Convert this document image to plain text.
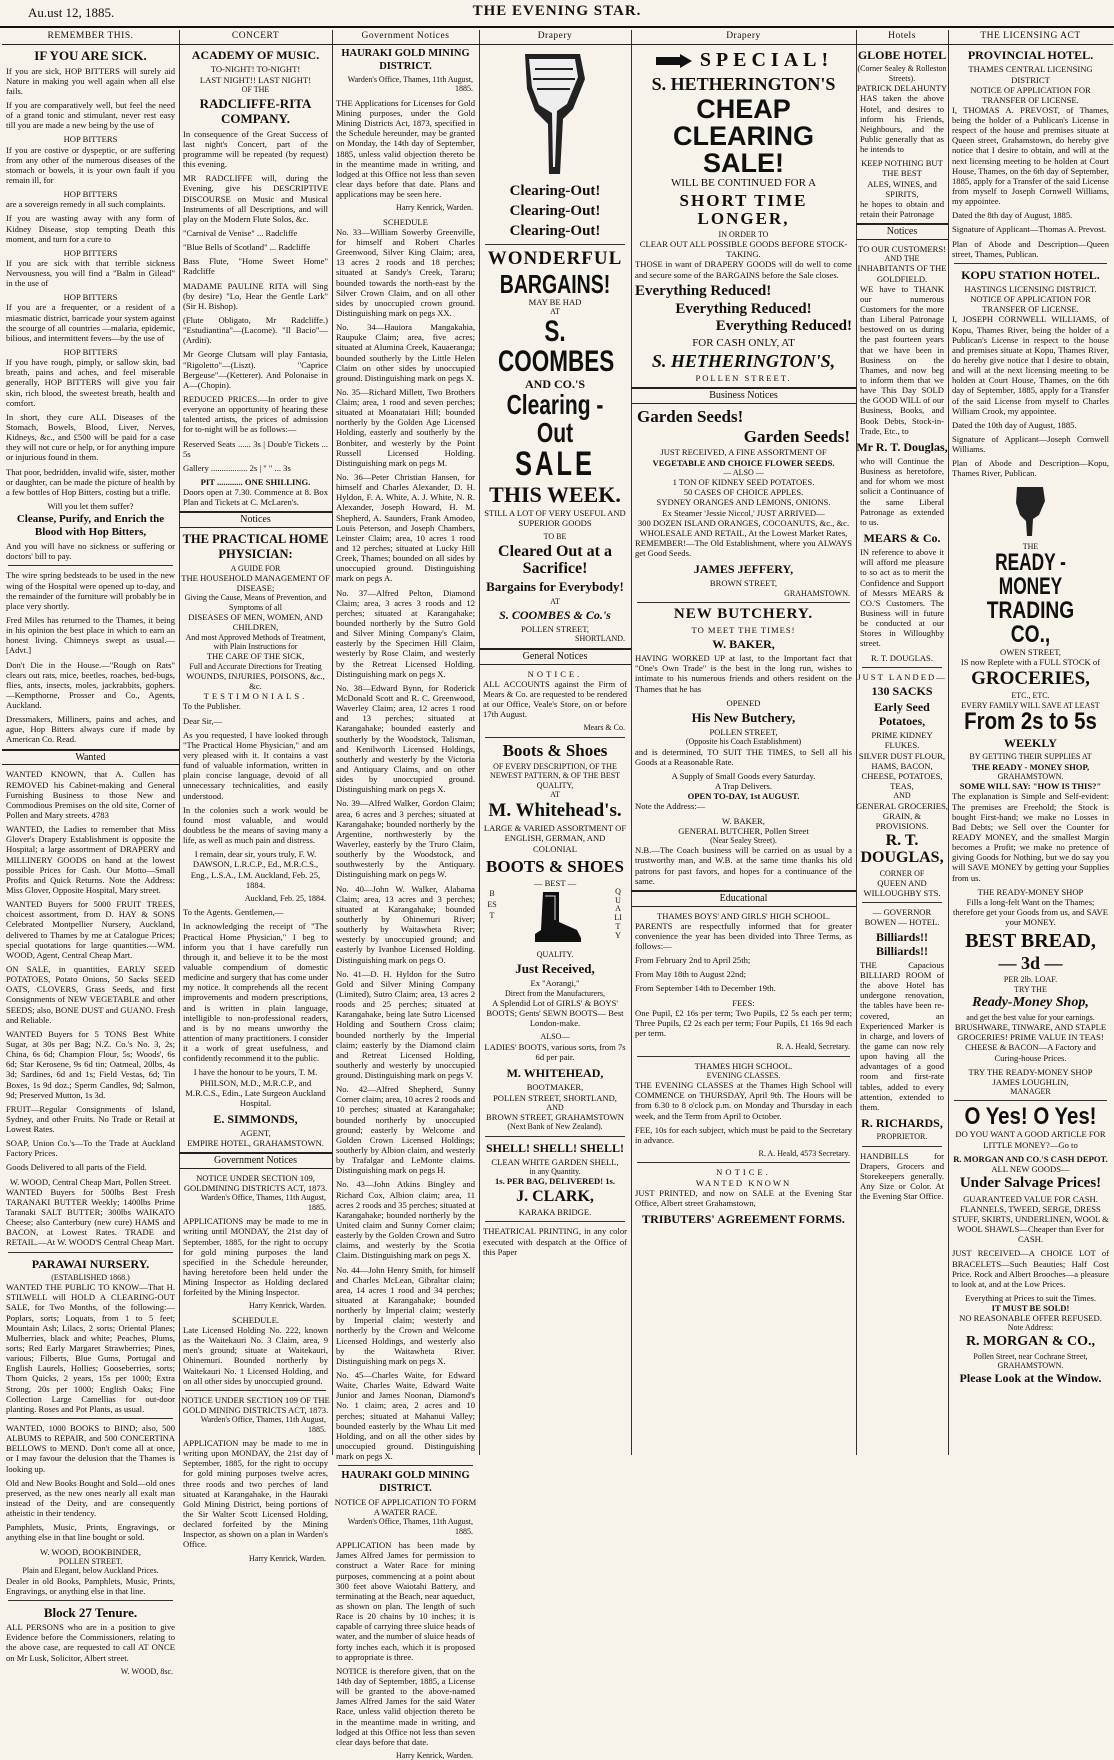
Au.ust 12, 1885.	THE EVENING STAR.
REMEMBER THIS.
IF YOU ARE SICK.

If you are sick, HOP BITTERS will surely aid Nature in making you well again when all else fails.

If you are comparatively well, but feel the need of a grand tonic and stimulant, never rest easy till you are made a new being by the use of

HOP BITTERS

If you are costive or dyspeptic, or are suffering from any other of the numerous diseases of the stomach or bowels, it is your own fault if you remain ill, for

HOP BITTERS

are a sovereign remedy in all such complaints.

If you are wasting away with any form of Kidney Disease, stop tempting Death this moment, and turn for a cure to

HOP BITTERS

If you are sick with that terrible sickness Nervousness, you will find a "Balm in Gilead" in the use of

HOP BITTERS

If you are a frequenter, or a resident of a miasmatic district, barricade your system against the scourge of all countries —malaria, epidemic, bilious, and intermittent fevers—by the use of

HOP BITTERS

If you have rough, pimply, or sallow skin, bad breath, pains and aches, and feel miserable generally, HOP BITTERS will give you fair skin, rich blood, the sweetest breath, health and comfort.

In short, they cure ALL Diseases of the Stomach, Bowels, Blood, Liver, Nerves, Kidneys, &c., and £500 will be paid for a case they will not cure or help, or for anything impure or injurious found in them.

That poor, bedridden, invalid wife, sister, mother or daughter, can be made the picture of health by a few bottles of Hop Bitters, costing but a trifle.

Will you let them suffer?
Cleanse, Purify, and Enrich the Blood with Hop Bitters,

And you will have no sickness or suffering or doctors' bill to pay.

The wire spring bedsteads to be used in the new wing of the Hospital were opened up to-day, and the remainder of the furniture will probably be in place very shortly.

Fred Miles has returned to the Thames, it being in his opinion the best place in which to earn an honest living. Chimneys swept as usual.—[Advt.]

Don't Die in the House.—"Rough on Rats" clears out rats, mice, beetles, roaches, bed-bugs, flies, ants, insects, moles, jackrabbits, gophers.—Kempthorne, Prosser and Co., Agents, Auckland.

Dressmakers, Milliners, pains and aches, and ague, Hop Bitters always cure if made by American Co. Read.

Wanted

WANTED KNOWN, that A. Cullen has REMOVED his Cabinet-making and General Furnishing Business to those New and Commodious Premises on the old site, Corner of Pollen and Mary streets. 4783

WANTED, the Ladies to remember that Miss Glover's Drapery Establishment is opposite the Hospital; a large assortment of DRAPERY and MILLINERY GOODS on hand at the lowest possible Prices for Cash. Our Motto—Small Profits and Quick Returns. Note the Address: Miss Glover, Opposite Hospital, Mary street.

WANTED Buyers for 5000 FRUIT TREES, choicest assortment, from D. HAY & SONS Celebrated Montpellier Nursery, Auckland, delivered to Thames by me at Catalogue Prices; special quotations for large quantities.—WM. WOOD, Agent, Central Cheap Mart.

ON SALE, in quantities, EARLY SEED POTATOES, Potato Onions, 50 Sacks SEED OATS, CLOVERS, Grass Seeds, and first Consignments of NEW VEGETABLE and other SEEDS; also, BONE DUST and GUANO. Fresh and Reliable.

WANTED Buyers for 5 TONS Best White Sugar, at 30s per Bag; N.Z. Co.'s No. 3, 2s; China, 6s 6d; Champion Flour, 5s; Woods', 6s 6d; Star Kerosene, 9s 6d tin; Oatmeal, 20lbs, 4s 3d; Sardines, 6d and 1s; Field Vestas, 6d; Tin Boxes, 1s 9d doz.; Sperm Candles, 9d; Salmon, 9d; Preserved Mutton, 1s 3d.

FRUIT—Regular Consignments of Island, Sydney, and other Fruits. No Trade or Retail at Lowest Rates.

SOAP, Union Co.'s—To the Trade at Auckland Factory Prices.

Goods Delivered to all parts of the Field.

W. WOOD, Central Cheap Mart, Pollen Street.

WANTED Buyers for 500lbs Best Fresh TARANAKI BUTTER Weekly; 1400lbs Prime Taranaki SALT BUTTER; 300lbs WAIKATO Cheese; also Canterbury (new cure) HAMS and BACON, at Lowest Rates. TRADE and RETAIL.—At W. WOOD'S Central Cheap Mart.

PARAWAI NURSERY.
(ESTABLISHED 1868.)

WANTED THE PUBLIC TO KNOW—That H. STILWELL will HOLD A CLEARING-OUT SALE, for Two Months, of the following:—Poplars, sorts; Loquats, from 1 to 5 feet; Mountain Ash; Lilacs, 2 sorts; Oriental Planes; Mulberries, black and white; Peaches, Plums, sorts; Red Early Margaret Strawberries; Pines, various; Filberts, Blue Gums, Portugal and English Laurels, Hollies; Gooseberries, sorts; Thorn Quicks, 2 years, 15s per 1000; Extra Strong, 20s per 1000; English Oaks; Fine Collection Large Camellias for out-door planting. Roses and Pot Plants, as usual.

WANTED, 1000 BOOKS to BIND; also, 500 ALBUMS to REPAIR, and 500 CONCERTINA BELLOWS to MEND. Don't come all at once, or I may favour the delusion that the Thames is looking up.

Old and New Books Bought and Sold—old ones preserved, as the new ones nearly all exalt man instead of the Deity, and are consequently atheistic in their tendency.

Pamphlets, Music, Prints, Engravings, or anything else in that line bought or sold.

W. WOOD, BOOKBINDER,
POLLEN STREET.
Plain and Elegant, below Auckland Prices.

Dealer in old Books, Pamphlets, Music, Prints, Engravings, or anything else in that line.

Block 27 Tenure.

ALL PERSONS who are in a position to give Evidence before the Commissioners, relating to the above case, are requested to call AT ONCE on Mr Lusk, Solicitor, Albert street.

W. WOOD, 8sc.
CONCERT
ACADEMY OF MUSIC.
TO-NIGHT! TO-NIGHT!
LAST NIGHT!! LAST NIGHT!
OF THE
RADCLIFFE-RITA COMPANY.

In consequence of the Great Success of last night's Concert, part of the programme will be repeated (by request) this evening.

MR RADCLIFFE will, during the Evening, give his DESCRIPTIVE DISCOURSE on Music and Musical Instruments of all Descriptions, and will play on the Modern Flute Solos, &c.

"Carnival de Venise" ... Radcliffe
"Blue Bells of Scotland" ... Radcliffe
Bass Flute, "Home Sweet Home" Radcliffe

MADAME PAULINE RITA will Sing (by desire) "Lo, Hear the Gentle Lark" (Sir H. Bishop).

(Flute Obligato, Mr Radcliffe.) "Estudiantina"—(Lacome). "Il Bacio"—(Arditi).

Mr George Clutsam will play Fantasia, "Rigoletto"—(Liszt). "Caprice Bergeuse"—(Ketterer). And Polonaise in A—(Chopin).

REDUCED PRICES.—In order to give everyone an opportunity of hearing these talented artists, the prices of admission for to-night will be as follows:—

Reserved Seats ...... 3s | Doub'e Tickets ... 5s
Gallery ................. 2s | " " ... 3s
PIT ............ ONE SHILLING.

Doors open at 7.30. Commence at 8. Box Plan and Tickets at C. McLaren's.

Notices
THE PRACTICAL HOME PHYSICIAN:
A GUIDE FOR
THE HOUSEHOLD MANAGEMENT OF DISEASE;
Giving the Cause, Means of Prevention, and Symptoms of all
DISEASES OF MEN, WOMEN, AND CHILDREN,
And most Approved Methods of Treatment, with Plain Instructions for
THE CARE OF THE SICK,
Full and Accurate Directions for Treating
WOUNDS, INJURIES, POISONS, &c., &c.
TESTIMONIALS.
To the Publisher.
Dear Sir,—

As you requested, I have looked through "The Practical Home Physician," and am very pleased with it. It contains a vast fund of valuable information, written in plain concise language, devoid of all unnecessary technicalities, and easily understood.

In the colonies such a work would be found most valuable, and would doubtless be the means of saving many a life, as well as much pain and distress.

I remain, dear sir, yours truly, F. W. DAWSON, L.R.C.P., Ed., M.R.C.S., Eng., L.S.A., I.M. Auckland, Feb. 25, 1884.

Auckland, Feb. 25, 1884.
To the Agents. Gentlemen,—

In acknowledging the receipt of "The Practical Home Physician," I beg to inform you that I have carefully run through it, and believe it to be the most valuable compendium of domestic medicine and surgery that has come under my notice. It comprehends all the recent improvements and modern prescriptions, and is written in plain language, intelligible to non-professional readers, and is by no means unworthy the attention of many practitioners. I consider it a work of great usefulness, and confidently recommend it to the public.

I have the honour to be yours, T. M. PHILSON, M.D., M.R.C.P., and M.R.C.S., Edin., Late Surgeon Auckland Hospital.

E. SIMMONDS,
AGENT,
EMPIRE HOTEL, GRAHAMSTOWN.
Government Notices
NOTICE UNDER SECTION 109, GOLDMINING DISTRICTS ACT, 1873.
Warden's Office, Thames, 11th August, 1885.

APPLICATIONS may be made to me in writing until MONDAY, the 21st day of September, 1885, for the right to occupy for gold mining purposes the land specified in the Schedule hereunder, having heretofore been held under the Mining Inspector as Holding declared forfeited by the Mining Inspector.

Harry Kenrick, Warden.
SCHEDULE.

Late Licensed Holding No. 222, known as the Waitekauri No. 3 Claim, area, 9 men's ground; situate at Waitekauri, Ohinemuri. Bounded northerly by Waitekauri No. 1 Licensed Holding, and on all other sides by unoccupied ground.

NOTICE UNDER SECTION 109 OF THE GOLD MINING DISTRICTS ACT, 1873.
Warden's Office, Thames, 11th August, 1885.

APPLICATION may be made to me in writing upon MONDAY, the 21st day of September, 1885, for the right to occupy for gold mining purposes twelve acres, three roods and two perches of land situated at Karangahake, in the Hauraki Gold Mining District, being portions of the Sir Walter Scott Licensed Holding, declared forfeited by the Mining Inspector, as shown on a plan in Warden's Office.

Harry Kenrick, Warden.
Government Notices
HAURAKI GOLD MINING DISTRICT.
Warden's Office, Thames, 11th August, 1885.

THE Applications for Licenses for Gold Mining purposes, under the Gold Mining Districts Act, 1873, specified in the Schedule hereunder, may be granted on Monday, the 14th day of September, 1885, unless valid objection thereto be in the meantime made in writing, and lodged at this Office not less than seven clear days before that date. Plans and applications may be seen here.

Harry Kenrick, Warden.
SCHEDULE

No. 33—William Sowerby Greenville, for himself and Robert Charles Greenwood, Silver King Claim; area, 13 acres 2 roods and 18 perches; situated at Sandy's Creek, Tararu; bounded towards the north-east by the Silver Crown Claim, and on all other sides by unoccupied crown ground. Distinguishing mark on pegs XX.

No. 34—Hauiora Mangakahia, Raupuke Claim; area, five acres; situated at Alumina Creek, Kauaeranga; bounded southerly by the Little Helen Claim on other sides by unoccupied ground. Distinguishing mark on pegs X.

No. 35—Richard Millett, Two Brothers Claim; area, 1 rood and seven perches; situated at Moanataiari Hill; bounded northerly by the Golden Age Licensed Holding, easterly and southerly by the Bonbiter, and westerly by the Point Russell Licensed Holding. Distinguishing mark on pegs M.

No. 36—Peter Christian Hansen, for himself and Charles Alexander, D. H. Hyldon, F. A. White, A. J. White, N. R. Alexander, Joseph Howard, H. M. Shepherd, A. Saunders, Frank Amodeo, Louis Peterson, and Joseph Chambers, Leinster Claim; area, 10 acres 1 rood and 12 perches; situated at Lucky Hill Creek, Thames; bounded on all sides by unoccupied ground. Distinguishing mark on pegs A.

No. 37—Alfred Pelton, Diamond Claim; area, 3 acres 3 roods and 12 perches; situated at Karangahake; bounded northerly by the Sutro Gold and Silver Mining Company's Claim, easterly by the Specimen Hill Claim, westerly by Rose Claim, and westerly by the Retreat Licensed Holding. Distinguishing mark on pegs X.

No. 38—Edward Bynn, for Roderick McDonald Scott and R. C. Greenwood, Waverley Claim; area, 12 acres 1 rood and 13 perches; situated at Karangahake; bounded easterly and southerly by the Woodstock, Talisman, and Kenilworth Licensed Holdings, southerly and westerly by the Victoria and Antiquary Claims, and on other sides by unoccupied ground. Distinguishing mark on pegs X.

No. 39—Alfred Walker, Gordon Claim; area, 6 acres and 3 perches; situated at Karangahake; bounded northerly by the Argentine, northwesterly by the Waverley, easterly by the Truro Claim, southerly by the Woodstock, and southwesterly by the Antiquary. Distinguishing mark on pegs W.

No. 40—John W. Walker, Alabama Claim; area, 13 acres and 3 perches; situated at Karangahake; bounded southerly by Ohinemuri River; southerly by Waitawheta River; westerly by unoccupied ground; and easterly by Ivanhoe Licensed Holding. Distinguishing mark on pegs O.

No. 41—D. H. Hyldon for the Sutro Gold and Silver Mining Company (Limited), Sutro Claim; area, 13 acres 2 roods and 25 perches; situated at Karangahake, being late Sutro Licensed Holding and Southern Cross claim; bounded northerly by the Imperial claim; easterly by the Diamond claim and Retreat Licensed Holding, southerly and westerly by unoccupied ground. Distinguishing mark on pegs V.

No. 42—Alfred Shepherd, Sunny Corner claim; area, 10 acres 2 roods and 10 perches; situated at Karangahake; bounded northerly by unoccupied ground; easterly by Welcome and Golden Crown Licensed Holdings; southerly by Albion claim, and westerly by Trafalgar and LeMonte claims. Distinguishing mark on pegs H.

No. 43—John Atkins Bingley and Richard Cox, Albion claim; area, 11 acres 2 roods and 35 perches; situated at Karangahake; bounded northerly by the United claim and Sunny Corner claim; easterly by the Golden Crown and Sutro claims, and westerly by the Scotia Claim. Distinguishing mark on pegs X.

No. 44—John Henry Smith, for himself and Charles McLean, Gibraltar claim; area, 14 acres 1 rood and 34 perches; situated at Karangahake; bounded northerly by Imperial claim; westerly by Imperial claim; westerly and northerly by the Crown and Welcome Licensed Holdings, and westerly also by the Waitawheta River. Distinguishing mark on pegs X.

No. 45—Charles Waite, for Edward Waite, Charles Waite, Edward Waite Junior and James Noonan, Diamond's No. 1 claim; area, 2 acres and 10 perches; situated at Mahanui Valley; bounded easterly by the Whau Lit med Holding, and on all the other sides by unoccupied ground. Distinguishing mark on pegs X.

HAURAKI GOLD MINING DISTRICT.
NOTICE OF APPLICATION TO FORM A WATER RACE.
Warden's Office, Thames, 11th August, 1885.

APPLICATION has been made by James Alfred James for permission to construct a Water Race for mining purposes, commencing at a point about 300 feet above Waiotahi Battery, and terminating at the Beach, near aqueduct, as shown on plan. The length of such Race is 20 chains by 10 inches; it is capable of carrying three sluice heads of water, and the number of sluice heads of forty inches each, which it is proposed to appropriate is three.

NOTICE is therefore given, that on the 14th day of September, 1885, a License will be granted to the above-named James Alfred James for the said Water Race, unless valid objection thereto be in the meantime made in writing, and lodged at this Office not less than seven clear days before that date.

Harry Kenrick, Warden.
Drapery
Clearing-Out!
Clearing-Out!
Clearing-Out!
WONDERFUL
BARGAINS!
MAY BE HAD
AT
S. COOMBES
AND CO.'S
Clearing - Out
SALE
THIS WEEK.

STILL A LOT OF VERY USEFUL AND SUPERIOR GOODS

TO BE
Cleared Out at a Sacrifice!
Bargains for Everybody!
AT
S. COOMBES & Co.'s
POLLEN STREET,
SHORTLAND.
General Notices
NOTICE.

ALL ACCOUNTS against the Firm of Mears & Co. are requested to be rendered at our Office, Veale's Store, on or before 17th August.

Mears & Co.
Boots & Shoes
OF EVERY DESCRIPTION, OF THE NEWEST PATTERN, & OF THE BEST QUALITY,
AT
M. Whitehead's.

LARGE & VARIED ASSORTMENT OF ENGLISH, GERMAN, AND COLONIAL

BOOTS & SHOES
— BEST —
BEST
QUALITY
QUALITY.
Just Received,
Ex "Aorangi,"
Direct from the Manufacturers,

A Splendid Lot of GIRLS' & BOYS' BOOTS; Gents' SEWN BOOTS— Best London-make.

ALSO—

LADIES' BOOTS, various sorts, from 7s 6d per pair.

M. WHITEHEAD,
BOOTMAKER,
POLLEN STREET, SHORTLAND,
AND
BROWN STREET, GRAHAMSTOWN
(Next Bank of New Zealand).
SHELL! SHELL! SHELL!
CLEAN WHITE GARDEN SHELL,
in any Quantity.
1s. PER BAG, DELIVERED! 1s.
J. CLARK,
KARAKA BRIDGE.

THEATRICAL PRINTING, in any color executed with despatch at the Office of this Paper

Drapery
SPECIAL!
S. HETHERINGTON'S
CHEAP CLEARING SALE!
WILL BE CONTINUED FOR A
SHORT TIME LONGER,
IN ORDER TO
CLEAR OUT ALL POSSIBLE GOODS BEFORE STOCK-TAKING.

THOSE in want of DRAPERY GOODS will do well to come and secure some of the BARGAINS before the Sale closes.

Everything Reduced!
Everything Reduced!
Everything Reduced!
FOR CASH ONLY, AT
S. HETHERINGTON'S,
POLLEN STREET.
Business Notices
Garden Seeds!
Garden Seeds!
JUST RECEIVED, A FINE ASSORTMENT OF
VEGETABLE AND CHOICE FLOWER SEEDS.
— ALSO —
1 TON OF KIDNEY SEED POTATOES.
50 CASES OF CHOICE APPLES.
SYDNEY ORANGES AND LEMONS, ONIONS.
Ex Steamer 'Jessie Niccol,' JUST ARRIVED—
300 DOZEN ISLAND ORANGES, COCOANUTS, &c., &c.
WHOLESALE AND RETAIL, At the Lowest Market Rates,

REMEMBER!—The Old Establishment, where you ALWAYS get Good Seeds.

JAMES JEFFERY,
BROWN STREET,
GRAHAMSTOWN.
NEW BUTCHERY.
TO MEET THE TIMES!
W. BAKER,

HAVING WORKED UP at last, to the Important fact that "One's Own Trade" is the best in the long run, wishes to intimate to his numerous friends and others resident on the Thames that he has

OPENED
His New Butchery,
POLLEN STREET,
(Opposite his Coach Establishment)

and is determined, TO SUIT THE TIMES, to Sell all his Goods at a Reasonable Rate.

A Supply of Small Goods every Saturday.
A Trap Delivers.
OPEN TO-DAY, 1st AUGUST.
Note the Address:—
W. BAKER,
GENERAL BUTCHER, Pollen Street
(Near Sealey Street).

N.B.—The Coach business will be carried on as usual by a trustworthy man, and W.B. at the same time thanks his old patrons for past favors, and hopes for a continuance of the same.

Educational
THAMES BOYS' AND GIRLS' HIGH SCHOOL.

PARENTS are respectfully informed that for greater convenience the year has been divided into Three Terms, as follows:—

From February 2nd to April 25th;
From May 18th to August 22nd;
From September 14th to December 19th.
FEES:

One Pupil, £2 16s per term; Two Pupils, £2 5s each per term; Three Pupils, £2 2s each per term; Four Pupils, £1 16s 9d each per term.

R. A. Heald, Secretary.
THAMES HIGH SCHOOL.
EVENING CLASSES.

THE EVENING CLASSES at the Thames High School will COMMENCE on THURSDAY, April 9th. The Hours will be from 6.30 to 8 o'clock p.m. on Monday and Thursday in each week, and the Term from April to October.

FEE, 10s for each subject, which must be paid to the Secretary in advance.

R. A. Heald, 4573 Secretary.
NOTICE.
WANTED KNOWN

JUST PRINTED, and now on SALE at the Evening Star Office, Albert street Grahamstown,

TRIBUTERS' AGREEMENT FORMS.
Hotels
GLOBE HOTEL
(Corner Sealey & Rolleston Streets).
PATRICK DELAHUNTY

HAS taken the above Hotel, and desires to inform his Friends, Neighbours, and the Public generally that as he intends to

KEEP NOTHING BUT THE BEST
ALES, WINES, and SPIRITS,

he hopes to obtain and retain their Patronage

Notices
TO OUR CUSTOMERS!
AND THE
INHABITANTS OF THE GOLDFIELD.

WE have to THANK our numerous Customers for the more than Liberal Patronage bestowed on us during the past fourteen years that we have been in Business on the Thames, and now beg to inform them that we have This Day SOLD the GOOD WILL of our Business, Books, and Book Debts, Stock-in-Trade, Etc., to

Mr R. T. Douglas,

who will Continue the Business as heretofore, and for whom we most solicit a Continuance of the same Liberal Patronage as extended to us.

MEARS & Co.

IN reference to above it will afford me pleasure to so act as to merit the Confidence and Support of Messrs MEARS & CO.'S Customers. The Business will in future be conducted at our Stores in Willoughby street.

R. T. DOUGLAS.
JUST LANDED—
130 SACKS
Early Seed Potatoes,
PRIME KIDNEY FLUKES.
SILVER DUST FLOUR, HAMS, BACON, CHEESE, POTATOES, TEAS,
AND
GENERAL GROCERIES, GRAIN, & PROVISIONS.
R. T. DOUGLAS,
CORNER OF
QUEEN AND WILLOUGHBY STS.
— GOVERNOR BOWEN — HOTEL.
Billiards!! Billiards!!

THE Capacious BILLIARD ROOM of the above Hotel has undergone renovation, the tables have been re-covered, an Experienced Marker is in charge, and lovers of the game can now rely upon having all the advantages of a good room and first-rate tables, added to every attention, extended to them.

R. RICHARDS,
PROPRIETOR.

HANDBILLS for Drapers, Grocers and Storekeepers generally. Any Size or Color. At the Evening Star Office.

THE LICENSING ACT
PROVINCIAL HOTEL.
THAMES CENTRAL LICENSING DISTRICT
NOTICE OF APPLICATION FOR TRANSFER OF LICENSE.

I, THOMAS A. PREVOST, of Thames, being the holder of a Publican's License in respect of the house and premises situate at Queen street, Grahamstown, do hereby give notice that I desire to obtain, and will at the next licensing meeting to be holden at Court House, Thames, on the 6th day of September, 1885, apply for a Transfer of the said License from myself to Joseph Cornwell Williams, my appointee.

Dated the 8th day of August, 1885.
Signature of Applicant—Thomas A. Prevost.

Plan of Abode and Description—Queen street, Thames, Publican.

KOPU STATION HOTEL.
HASTINGS LICENSING DISTRICT.
NOTICE OF APPLICATION FOR TRANSFER OF LICENSE.

I, JOSEPH CORNWELL WILLIAMS, of Kopu, Thames River, being the holder of a Publican's License in respect to the house and premises situate at Kopu, Thames River, do hereby give notice that I desire to obtain, and will at the next licensing meeting to be holden at Court House, Thames, on the 6th day of September, 1885, apply for a Transfer of the said License from myself to Charles William Crook, my appointee.

Dated the 10th day of August, 1885.
Signature of Applicant—Joseph Cornwell Williams.

Plan of Abode and Description—Kopu, Thames River, Publican.

THE
READY - MONEY
TRADING CO.,
OWEN STREET,
IS now Replete with a FULL STOCK of
GROCERIES,
ETC., ETC.
EVERY FAMILY WILL SAVE AT LEAST
From 2s to 5s
WEEKLY
BY GETTING THEIR SUPPLIES AT
THE READY - MONEY SHOP,
GRAHAMSTOWN.
SOME WILL SAY: "HOW IS THIS?"

The explanation is Simple and Self-evident: The premises are Freehold; the Stock is bought First-hand; we make no Losses in Bad Debts; we Sell over the Counter for READY MONEY, and the smallest Margin becomes a Profit; we make no pretence of giving Goods for Nothing, but we do say you will SAVE MONEY by getting your Supplies from us.

THE READY-MONEY SHOP

Fills a long-felt Want on the Thames; therefore get your Goods from us, and SAVE your MONEY.

BEST BREAD,
— 3d —
PER 2lb. LOAF.
TRY THE
Ready-Money Shop,
and get the best value for your earnings.

BRUSHWARE, TINWARE, AND STAPLE GROCERIES! PRIME VALUE IN TEAS! CHEESE & BACON—A Factory and Curing-house Prices.

TRY THE READY-MONEY SHOP
JAMES LOUGHLIN,
MANAGER
O Yes! O Yes!

DO YOU WANT A GOOD ARTICLE FOR LITTLE MONEY?—Go to

R. MORGAN AND CO.'S CASH DEPOT.
ALL NEW GOODS—
Under Salvage Prices!

GUARANTEED VALUE FOR CASH. FLANNELS, TWEED, SERGE, DRESS STUFF, SKIRTS, UNDERLINEN, WOOL & WOOL SHAWLS—Cheaper than Ever for CASH.

JUST RECEIVED—A CHOICE LOT of BRACELETS—Such Beauties; Half Cost Price. Rock and Albert Brooches—a pleasure to look at, and at the Low Prices.

Everything at Prices to suit the Times.
IT MUST BE SOLD!
NO REASONABLE OFFER REFUSED.
Note Address:
R. MORGAN & CO.,
Pollen Street, near Cochrane Street, GRAHAMSTOWN.
Please Look at the Window.
